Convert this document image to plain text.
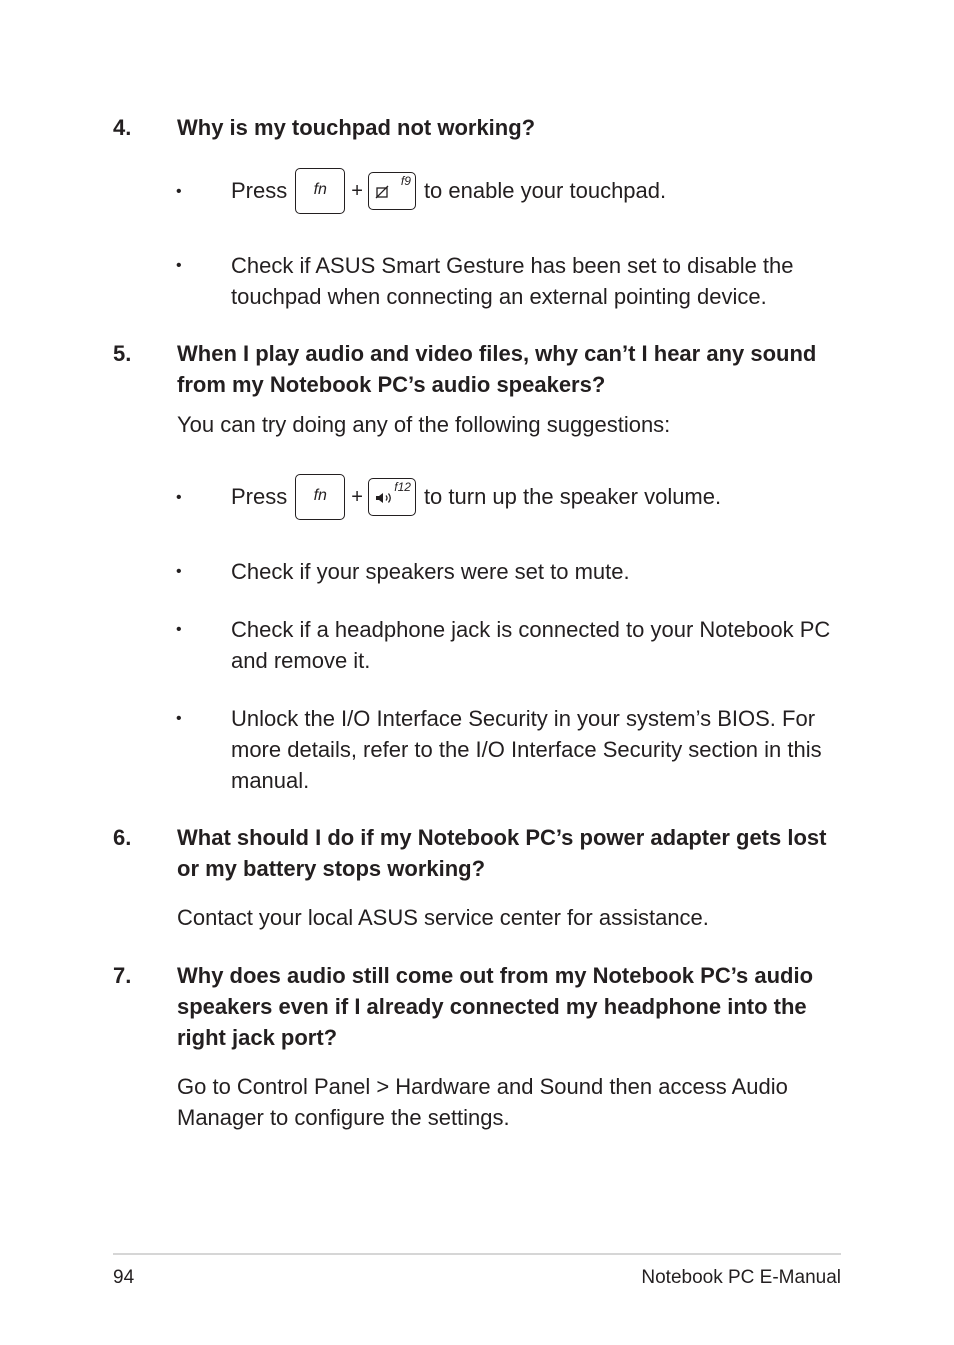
4. Why is my touchpad not working?
• Press	fn	+	f9 to enable your touchpad.
• Check if ASUS Smart Gesture has been set to disable the touchpad when connecting an external pointing device.
5. When I play audio and video files, why can’t I hear any sound from my Notebook PC’s audio speakers?
You can try doing any of the following suggestions:
• Press	fn	+	f12 to turn up the speaker volume.
• Check if your speakers were set to mute.
• Check if a headphone jack is connected to your Notebook PC and remove it.
• Unlock the I/O Interface Security in your system’s BIOS. For more details, refer to the I/O Interface Security section in this manual.
6. What should I do if my Notebook PC’s power adapter gets lost or my battery stops working?
Contact your local ASUS service center for assistance.
7. Why does audio still come out from my Notebook PC’s audio speakers even if I already connected my headphone into the right jack port?
Go to Control Panel > Hardware and Sound then access Audio Manager to configure the settings.
94	Notebook PC E-Manual
